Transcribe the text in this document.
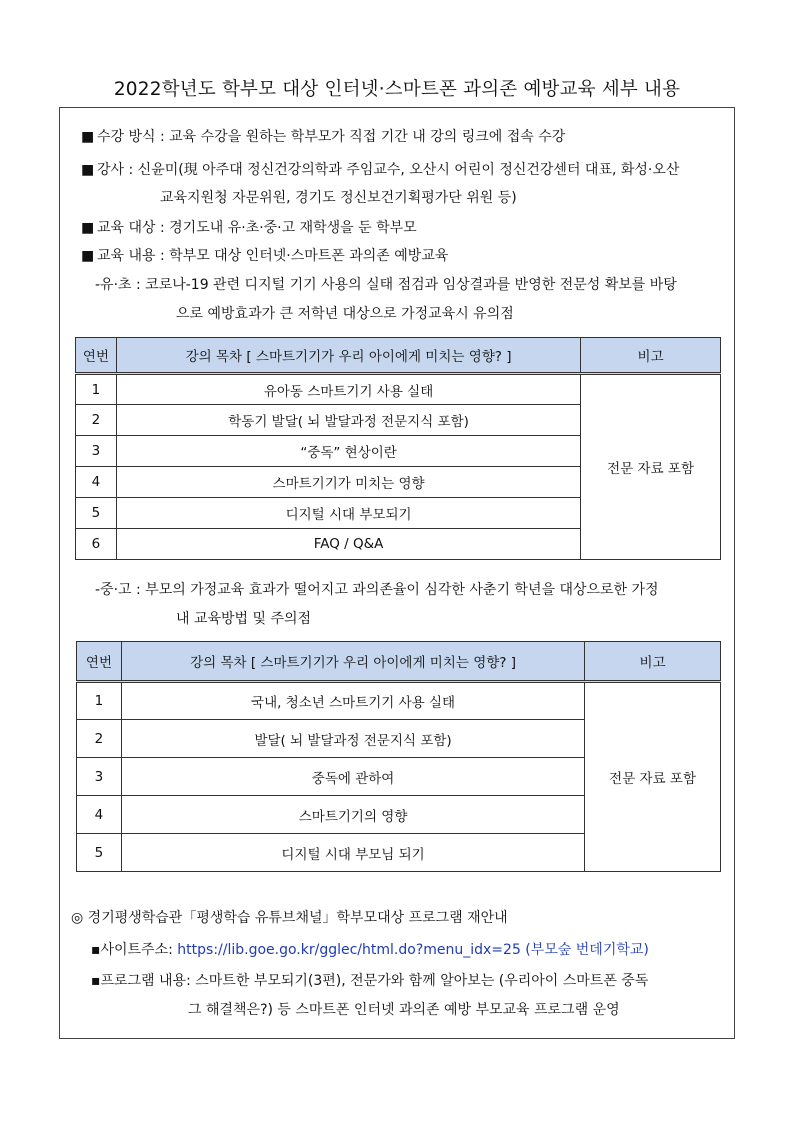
2022학년도 학부모 대상 인터넷·스마트폰 과의존 예방교육 세부 내용
■ 수강 방식 : 교육 수강을 원하는 학부모가 직접 기간 내 강의 링크에 접속 수강
■ 강사 : 신윤미(現 아주대 정신건강의학과 주임교수, 오산시 어린이 정신건강센터 대표, 화성·오산
교육지원청 자문위원, 경기도 정신보건기획평가단 위원 등)
■ 교육 대상 : 경기도내 유·초·중·고 재학생을 둔 학부모
■ 교육 내용 : 학부모 대상 인터넷·스마트폰 과의존 예방교육
-유·초 : 코로나-19 관련 디지털 기기 사용의 실태 점검과 임상결과를 반영한 전문성 확보를 바탕
으로 예방효과가 큰 저학년 대상으로 가정교육시 유의점
연번	강의 목차 [ 스마트기기가 우리 아이에게 미치는 영향? ]	비고
1	유아동 스마트기기 사용 실태	전문 자료 포함
2	학동기 발달( 뇌 발달과정 전문지식 포함)	
3	“중독” 현상이란	
4	스마트기기가 미치는 영향	
5	디지털 시대 부모되기	
6	FAQ / Q&A	
-중·고 : 부모의 가정교육 효과가 떨어지고 과의존율이 심각한 사춘기 학년을 대상으로한 가정
내 교육방법 및 주의점
연번	강의 목차 [ 스마트기기가 우리 아이에게 미치는 영향? ]	비고
1	국내, 청소년 스마트기기 사용 실태	전문 자료 포함
2	발달( 뇌 발달과정 전문지식 포함)	
3	중독에 관하여	
4	스마트기기의 영향	
5	디지털 시대 부모님 되기	
◎ 경기평생학습관「평생학습 유튜브채널」학부모대상 프로그램 재안내
▪사이트주소: https://lib.goe.go.kr/gglec/html.do?menu_idx=25 (부모숲 번데기학교)
▪프로그램 내용: 스마트한 부모되기(3편), 전문가와 함께 알아보는 (우리아이 스마트폰 중독
그 해결책은?) 등 스마트폰 인터넷 과의존 예방 부모교육 프로그램 운영
